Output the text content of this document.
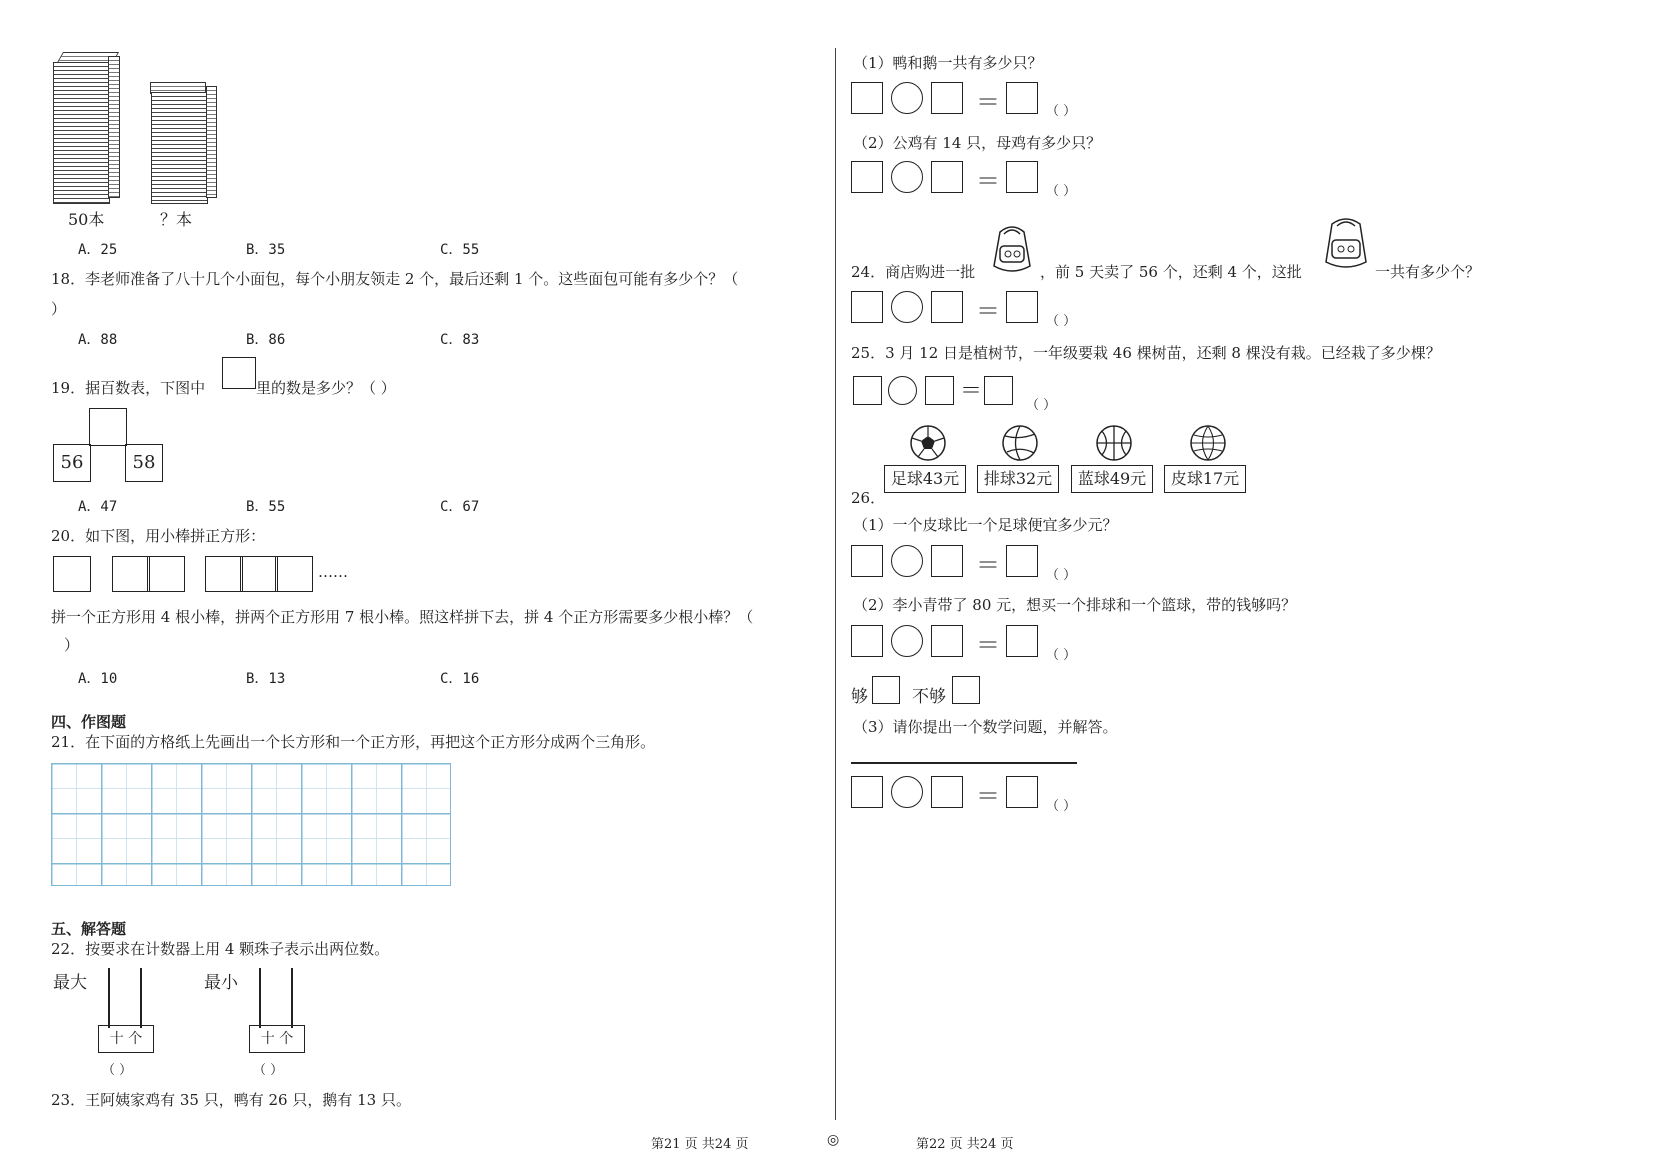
50本	？本
A．25	B．35	C．55
18．李老师准备了八十几个小面包，每个小朋友领走 2 个，最后还剩 1 个。这些面包可能有多少个？（
）
A．88	B．86	C．83
19．据百数表，下图中	里的数是多少？（ ）
56	58
A．47	B．55	C．67
20．如下图，用小棒拼正方形：
……
拼一个正方形用 4 根小棒，拼两个正方形用 7 根小棒。照这样拼下去，拼 4 个正方形需要多少根小棒？（
）
A．10	B．13	C．16
四、作图题
21．在下面的方格纸上先画出一个长方形和一个正方形，再把这个正方形分成两个三角形。
五、解答题
22．按要求在计数器上用 4 颗珠子表示出两位数。
最大
十 个
（ ）
最小
十 个
（ ）
23．王阿姨家鸡有 35 只，鸭有 26 只，鹅有 13 只。
（1）鸭和鹅一共有多少只？
＝	（ ）
（2）公鸡有 14 只，母鸡有多少只？
＝	（ ）
24．商店购进一批	，前 5 天卖了 56 个，还剩 4 个，这批	一共有多少个？
＝	（ ）
25．3 月 12 日是植树节，一年级要栽 46 棵树苗，还剩 8 棵没有栽。已经栽了多少棵？
＝
（ ）
26．
足球43元	排球32元	蓝球49元	皮球17元
（1）一个皮球比一个足球便宜多少元？
＝	（ ）
（2）李小青带了 80 元，想买一个排球和一个篮球，带的钱够吗？
＝	（ ）
够	不够
（3）请你提出一个数学问题，并解答。
＝	（ ）
第21 页 共24 页	◎	第22 页 共24 页
